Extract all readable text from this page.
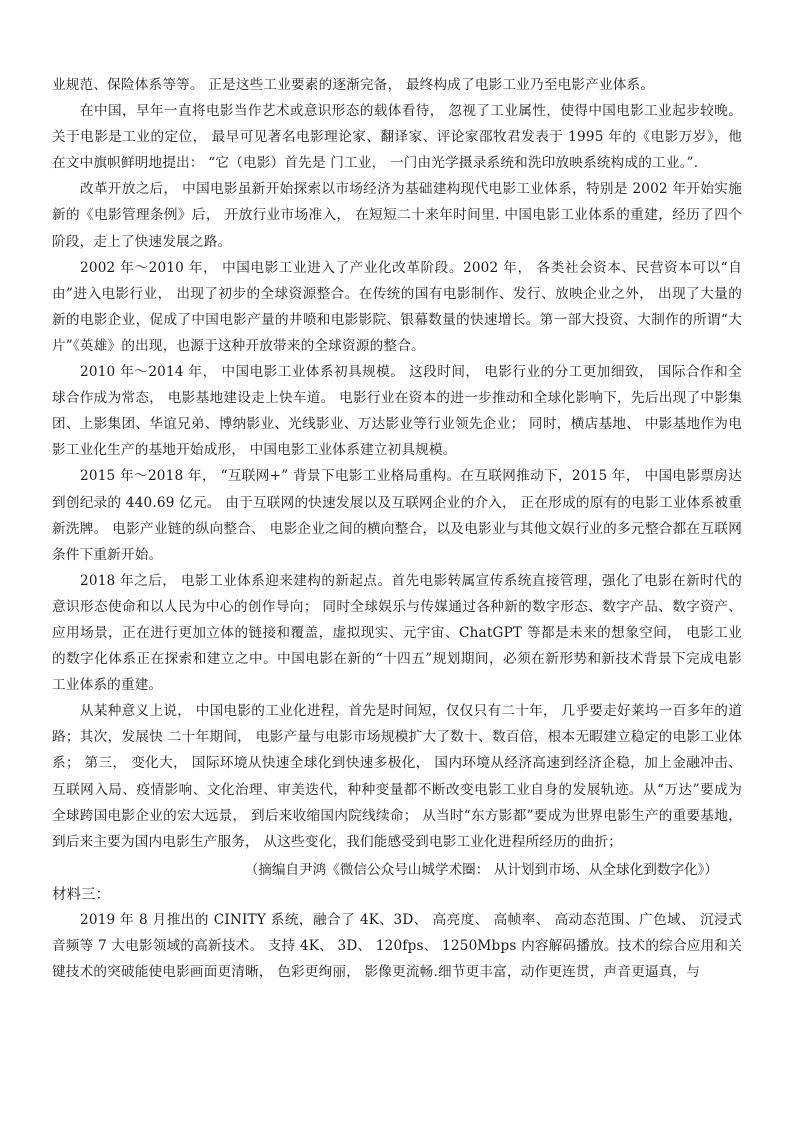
业规范、保险体系等等。 正是这些工业要素的逐渐完备， 最终构成了电影工业乃至电影产业体系。

在中国，早年一直将电影当作艺术或意识形态的载体看待， 忽视了工业属性，使得中国电影工业起步较晚。关于电影是工业的定位， 最早可见著名电影理论家、翻译家、评论家邵牧君发表于 1995 年的《电影万岁》，他在文中旗帜鲜明地提出： “它（电影）首先是 门工业， 一门由光学摄录系统和洗印放映系统构成的工业。”.

改革开放之后， 中国电影虽新开始探索以市场经济为基础建构现代电影工业体系，特别是 2002 年开始实施新的《电影管理条例》后， 开放行业市场准入， 在短短二十来年时间里. 中国电影工业体系的重建，经历了四个阶段，走上了快速发展之路。

2002 年～2010 年， 中国电影工业进入了产业化改革阶段。2002 年， 各类社会资本、民营资本可以“自由”进入电影行业， 出现了初步的全球资源整合。在传统的国有电影制作、发行、放映企业之外， 出现了大量的新的电影企业，促成了中国电影产量的井喷和电影影院、银幕数量的快速增长。第一部大投资、大制作的所谓“大片”《英雄》的出现，也源于这种开放带来的全球资源的整合。

2010 年～2014 年， 中国电影工业体系初具规模。 这段时间， 电影行业的分工更加细致， 国际合作和全球合作成为常态， 电影基地建设走上快车道。 电影行业在资本的进一步推动和全球化影响下，先后出现了中影集团、上影集团、华谊兄弟、博纳影业、光线影业、万达影业等行业领先企业； 同时，横店基地、 中影基地作为电影工业化生产的基地开始成形， 中国电影工业体系建立初具规模。

2015 年～2018 年， “互联网+” 背景下电影工业格局重构。在互联网推动下，2015 年， 中国电影票房达到创纪录的 440.69 亿元。 由于互联网的快速发展以及互联网企业的介入， 正在形成的原有的电影工业体系被重新洗牌。 电影产业链的纵向整合、 电影企业之间的横向整合，以及电影业与其他文娱行业的多元整合都在互联网条件下重新开始。

2018 年之后， 电影工业体系迎来建构的新起点。首先电影转属宣传系统直接管理，强化了电影在新时代的意识形态使命和以人民为中心的创作导向； 同时全球娱乐与传媒通过各种新的数字形态、数字产品、数字资产、应用场景，正在进行更加立体的链接和覆盖，虚拟现实、元宇宙、ChatGPT 等都是未来的想象空间， 电影工业的数字化体系正在探索和建立之中。中国电影在新的“十四五”规划期间，必须在新形势和新技术背景下完成电影工业体系的重建。

从某种意义上说， 中国电影的工业化进程，首先是时间短，仅仅只有二十年， 几乎要走好莱坞一百多年的道路；其次，发展快 二十年期间， 电影产量与电影市场规模扩大了数十、数百倍，根本无暇建立稳定的电影工业体系； 第三， 变化大， 国际环境从快速全球化到快速多极化， 国内环境从经济高速到经济企稳，加上金融冲击、互联网入局、疫情影响、文化治理、审美迭代，种种变量都不断改变电影工业自身的发展轨迹。从“万达”要成为全球跨国电影企业的宏大远景， 到后来收缩国内院线续命； 从当时“东方影都”要成为世界电影生产的重要基地，到后来主要为国内电影生产服务， 从这些变化，我们能感受到电影工业化进程所经历的曲折；

（摘编自尹鸿《微信公众号山城学术圈： 从计划到市场、从全球化到数字化》）

材料三：

2019 年 8 月推出的 CINITY 系统，融合了 4K、3D、 高亮度、 高帧率、 高动态范围、广色域、 沉浸式音频等 7 大电影领域的高新技术。 支持 4K、 3D、 120fps、 1250Mbps 内容解码播放。技术的综合应用和关键技术的突破能使电影画面更清晰， 色彩更绚丽， 影像更流畅.细节更丰富，动作更连贯，声音更逼真，与
